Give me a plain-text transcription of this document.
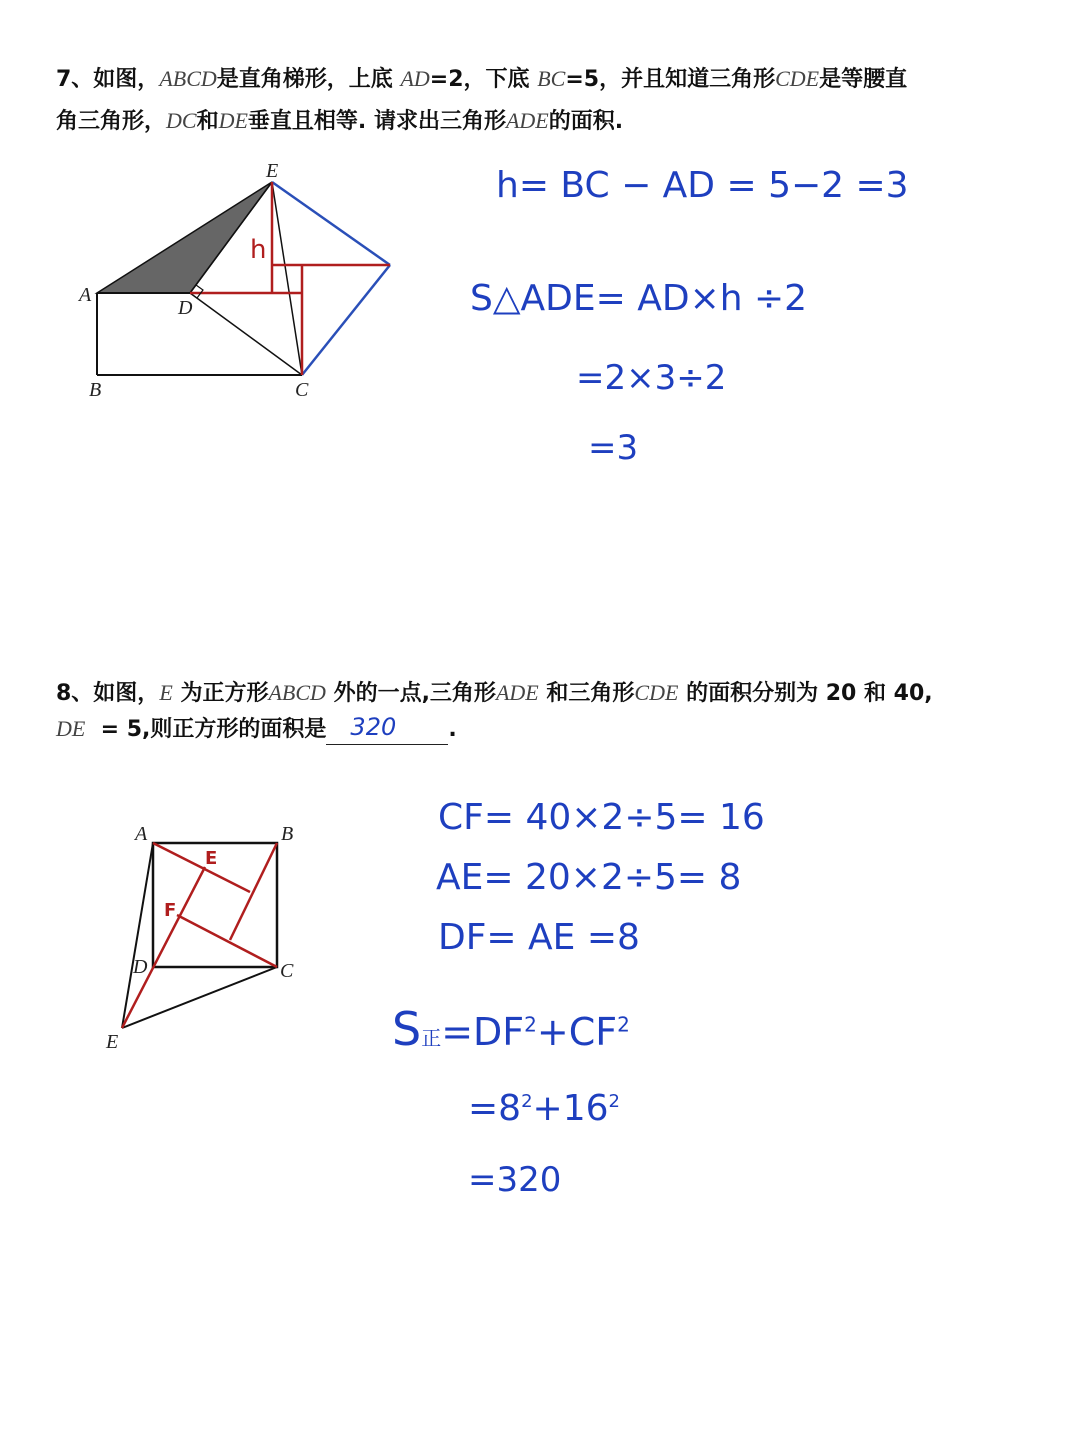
7、如图，ABCD是直角梯形，上底 AD=2，下底 BC=5，并且知道三角形CDE是等腰直
角三角形，DC和DE垂直且相等. 请求出三角形ADE的面积.
A
D
B	C
E
h
h= BC − AD = 5−2 =3
S△ADE= AD×h ÷2
=2×3÷2
=3
8、如图，E 为正方形ABCD 外的一点,三角形ADE 和三角形CDE 的面积分别为 20 和 40,
DE = 5,则正方形的面积是 320 .
A	B
D	C
E
E
F
CF= 40×2÷5= 16
AE= 20×2÷5= 8
DF= AE =8
S正$=DF^2+CF^2$
$=8^2+16^2$
=320
